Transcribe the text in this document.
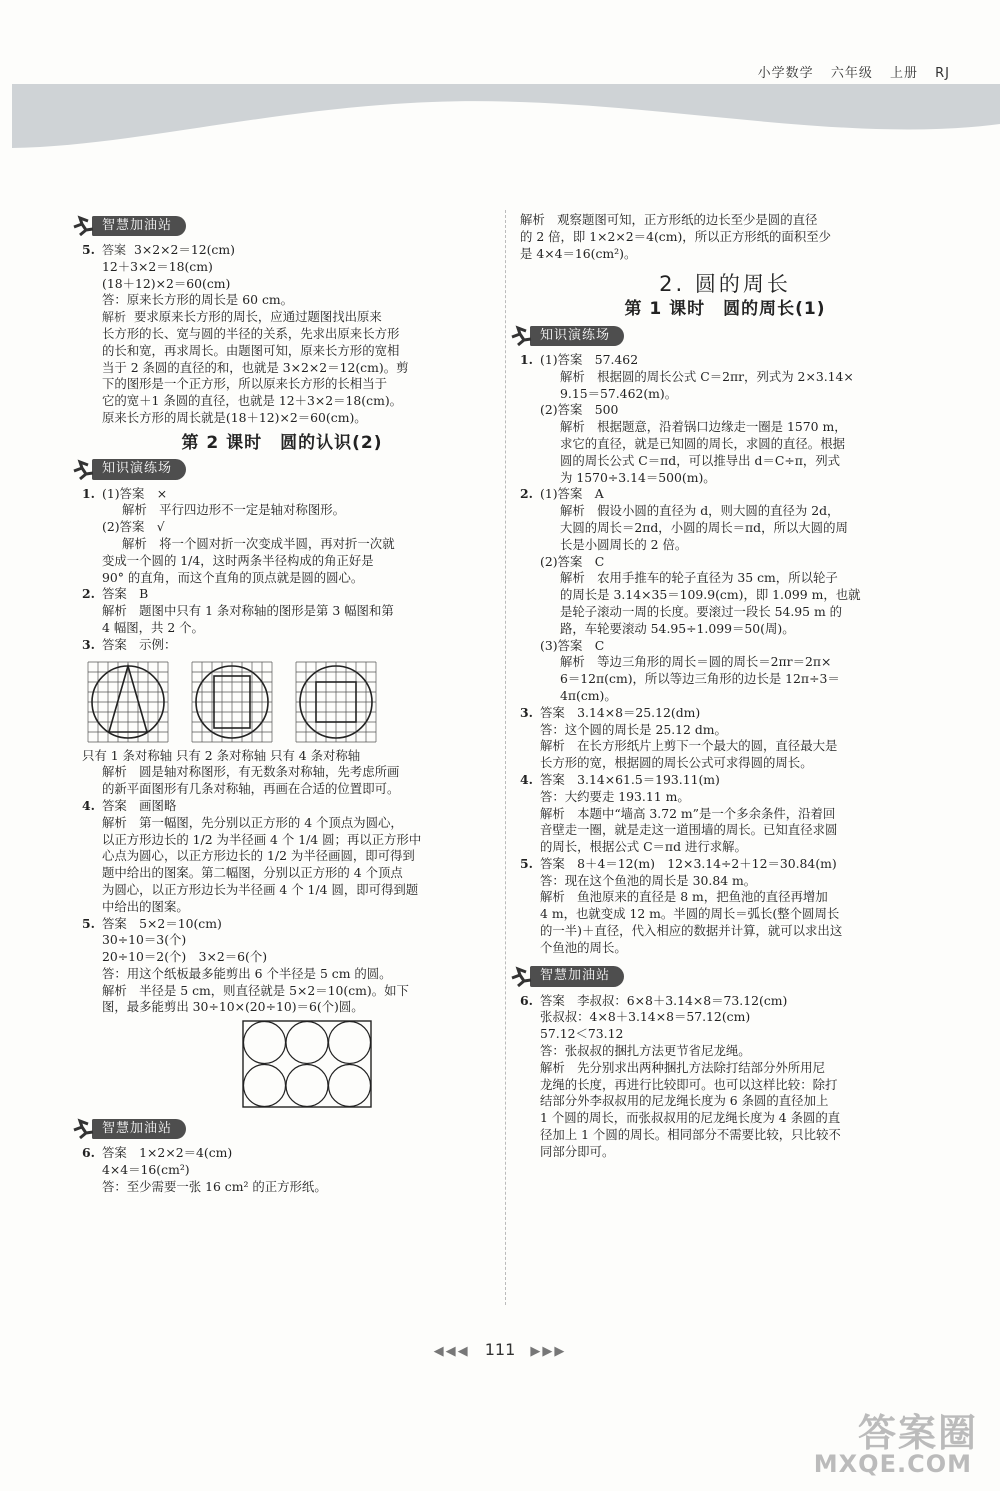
小学数学 六年级 上册 RJ
智慧加油站

5. 答案 3×2×2＝12(cm)

12＋3×2＝18(cm)

(18＋12)×2＝60(cm)

答：原来长方形的周长是 60 cm。

解析 要求原来长方形的周长，应通过题图找出原来

长方形的长、宽与圆的半径的关系，先求出原来长方形

的长和宽，再求周长。由题图可知，原来长方形的宽相

当于 2 条圆的直径的和，也就是 3×2×2＝12(cm)。剪

下的图形是一个正方形，所以原来长方形的长相当于

它的宽＋1 条圆的直径，也就是 12＋3×2＝18(cm)。

原来长方形的周长就是(18＋12)×2＝60(cm)。

第 2 课时　圆的认识(2)
知识演练场

1. (1)答案　×

解析　平行四边形不一定是轴对称图形。

(2)答案　√

解析　将一个圆对折一次变成半圆，再对折一次就

变成一个圆的 1/4，这时两条半径构成的角正好是

90° 的直角，而这个直角的顶点就是圆的圆心。

2. 答案　B

解析　题图中只有 1 条对称轴的图形是第 3 幅图和第

4 幅图，共 2 个。

3. 答案　示例：

只有 1 条对称轴 只有 2 条对称轴 只有 4 条对称轴

解析　圆是轴对称图形，有无数条对称轴，先考虑所画

的新平面图形有几条对称轴，再画在合适的位置即可。

4. 答案　画图略

解析　第一幅图，先分别以正方形的 4 个顶点为圆心，

以正方形边长的 1/2 为半径画 4 个 1/4 圆；再以正方形中

心点为圆心，以正方形边长的 1/2 为半径画圆，即可得到

题中给出的图案。第二幅图，分别以正方形的 4 个顶点

为圆心，以正方形边长为半径画 4 个 1/4 圆，即可得到题

中给出的图案。

5. 答案　5×2＝10(cm)

30÷10＝3(个)

20÷10＝2(个)　3×2＝6(个)

答：用这个纸板最多能剪出 6 个半径是 5 cm 的圆。

解析　半径是 5 cm，则直径就是 5×2＝10(cm)。如下

图，最多能剪出 30÷10×(20÷10)＝6(个)圆。

智慧加油站

6. 答案　1×2×2＝4(cm)

4×4＝16(cm²)

答：至少需要一张 16 cm² 的正方形纸。

解析　观察题图可知，正方形纸的边长至少是圆的直径

的 2 倍，即 1×2×2＝4(cm)，所以正方形纸的面积至少

是 4×4＝16(cm²)。

2. 圆的周长
第 1 课时　圆的周长(1)
知识演练场

1. (1)答案　57.462

解析　根据圆的周长公式 C＝2πr，列式为 2×3.14×

9.15＝57.462(m)。

(2)答案　500

解析　根据题意，沿着锅口边缘走一圈是 1570 m，

求它的直径，就是已知圆的周长，求圆的直径。根据

圆的周长公式 C＝πd，可以推导出 d＝C÷π，列式

为 1570÷3.14＝500(m)。

2. (1)答案　A

解析　假设小圆的直径为 d，则大圆的直径为 2d，

大圆的周长＝2πd，小圆的周长＝πd，所以大圆的周

长是小圆周长的 2 倍。

(2)答案　C

解析　农用手推车的轮子直径为 35 cm，所以轮子

的周长是 3.14×35＝109.9(cm)，即 1.099 m，也就

是轮子滚动一周的长度。要滚过一段长 54.95 m 的

路，车轮要滚动 54.95÷1.099＝50(周)。

(3)答案　C

解析　等边三角形的周长＝圆的周长＝2πr＝2π×

6＝12π(cm)，所以等边三角形的边长是 12π÷3＝

4π(cm)。

3. 答案　3.14×8＝25.12(dm)

答：这个圆的周长是 25.12 dm。

解析　在长方形纸片上剪下一个最大的圆，直径最大是

长方形的宽，根据圆的周长公式可求得圆的周长。

4. 答案　3.14×61.5＝193.11(m)

答：大约要走 193.11 m。

解析　本题中“墙高 3.72 m”是一个多余条件，沿着回

音壁走一圈，就是走这一道围墙的周长。已知直径求圆

的周长，根据公式 C＝πd 进行求解。

5. 答案　8＋4＝12(m)　12×3.14÷2＋12＝30.84(m)

答：现在这个鱼池的周长是 30.84 m。

解析　鱼池原来的直径是 8 m，把鱼池的直径再增加

4 m，也就变成 12 m。半圆的周长＝弧长(整个圆周长

的一半)＋直径，代入相应的数据并计算，就可以求出这

个鱼池的周长。

智慧加油站

6. 答案　李叔叔：6×8＋3.14×8＝73.12(cm)

张叔叔：4×8＋3.14×8＝57.12(cm)

57.12＜73.12

答：张叔叔的捆扎方法更节省尼龙绳。

解析　先分别求出两种捆扎方法除打结部分外所用尼

龙绳的长度，再进行比较即可。也可以这样比较：除打

结部分外李叔叔用的尼龙绳长度为 6 条圆的直径加上

1 个圆的周长，而张叔叔用的尼龙绳长度为 4 条圆的直

径加上 1 个圆的周长。相同部分不需要比较，只比较不

同部分即可。

◀◀◀ 111 ▶▶▶
答案圈
MXQE.COM
